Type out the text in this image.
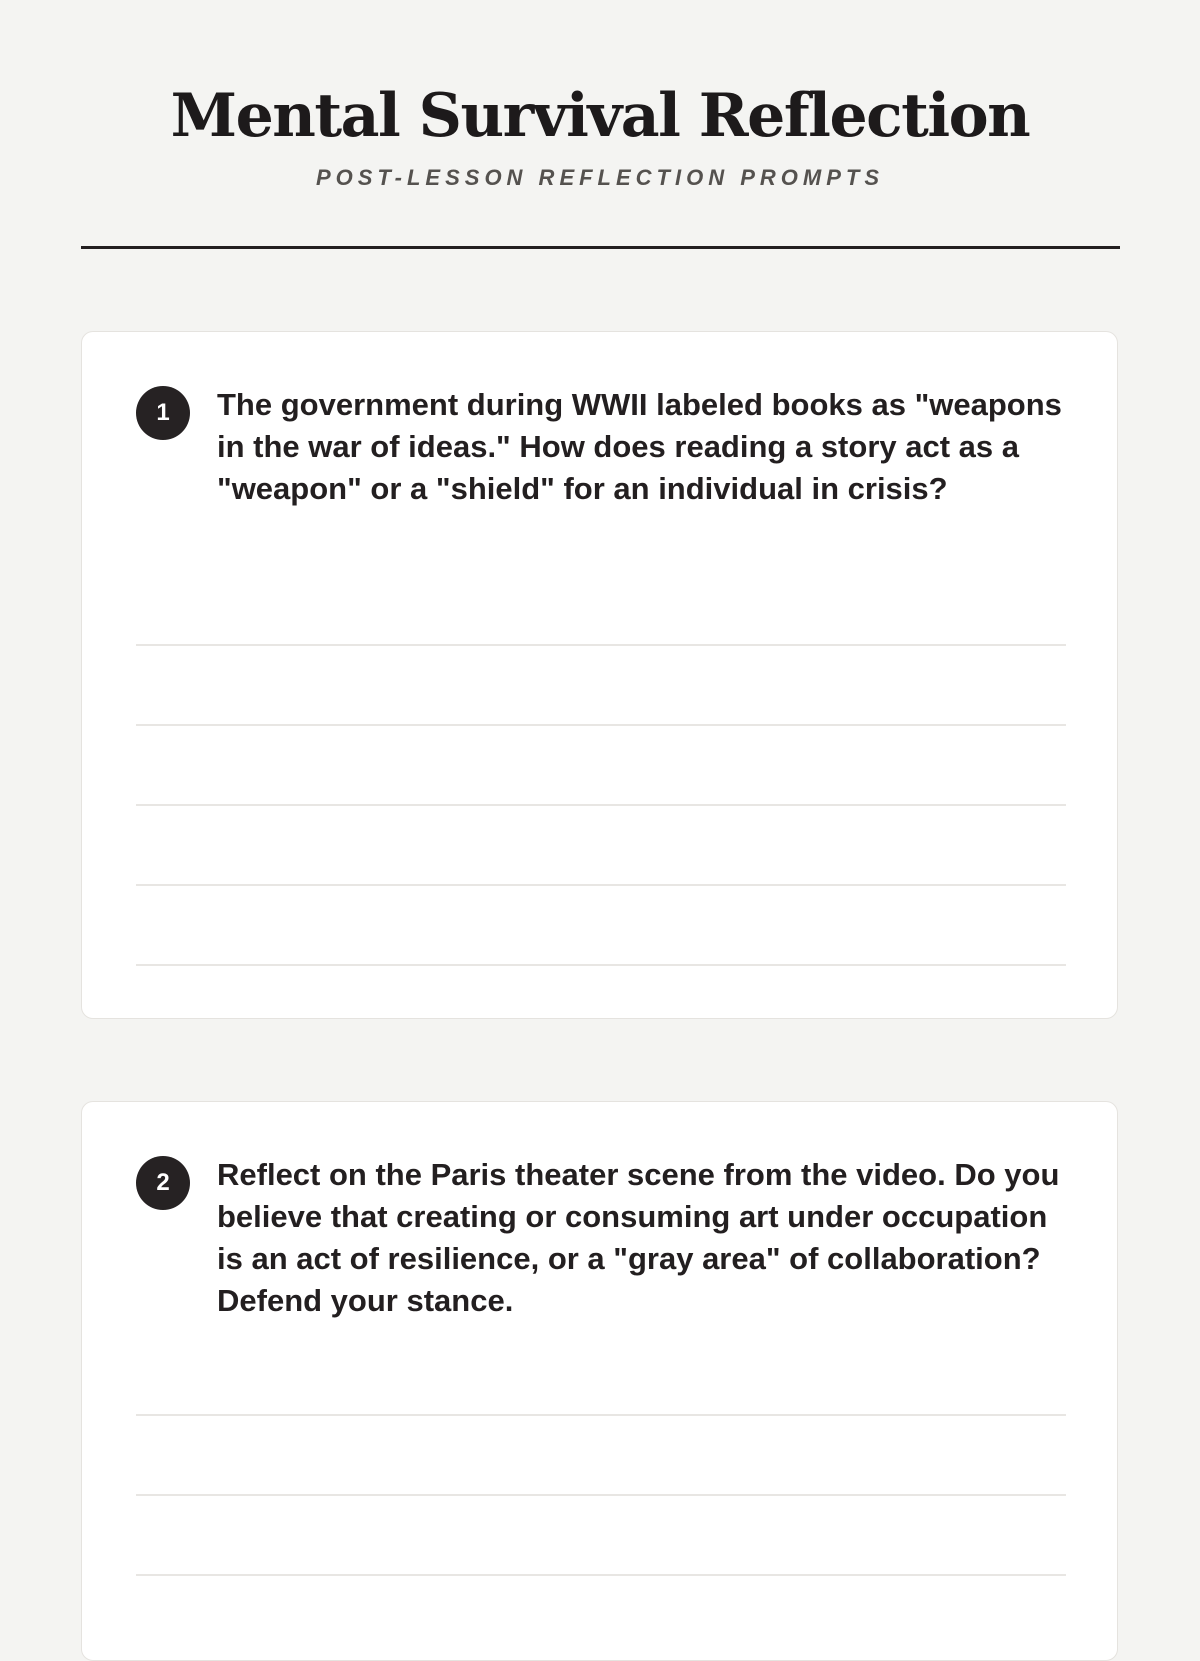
Mental Survival Reflection
POST-LESSON REFLECTION PROMPTS
1	The government during WWII labeled books as "weapons in the war of ideas." How does reading a story act as a "weapon" or a "shield" for an individual in crisis?

2	Reflect on the Paris theater scene from the video. Do you believe that creating or consuming art under occupation is an act of resilience, or a "gray area" of collaboration? Defend your stance.
